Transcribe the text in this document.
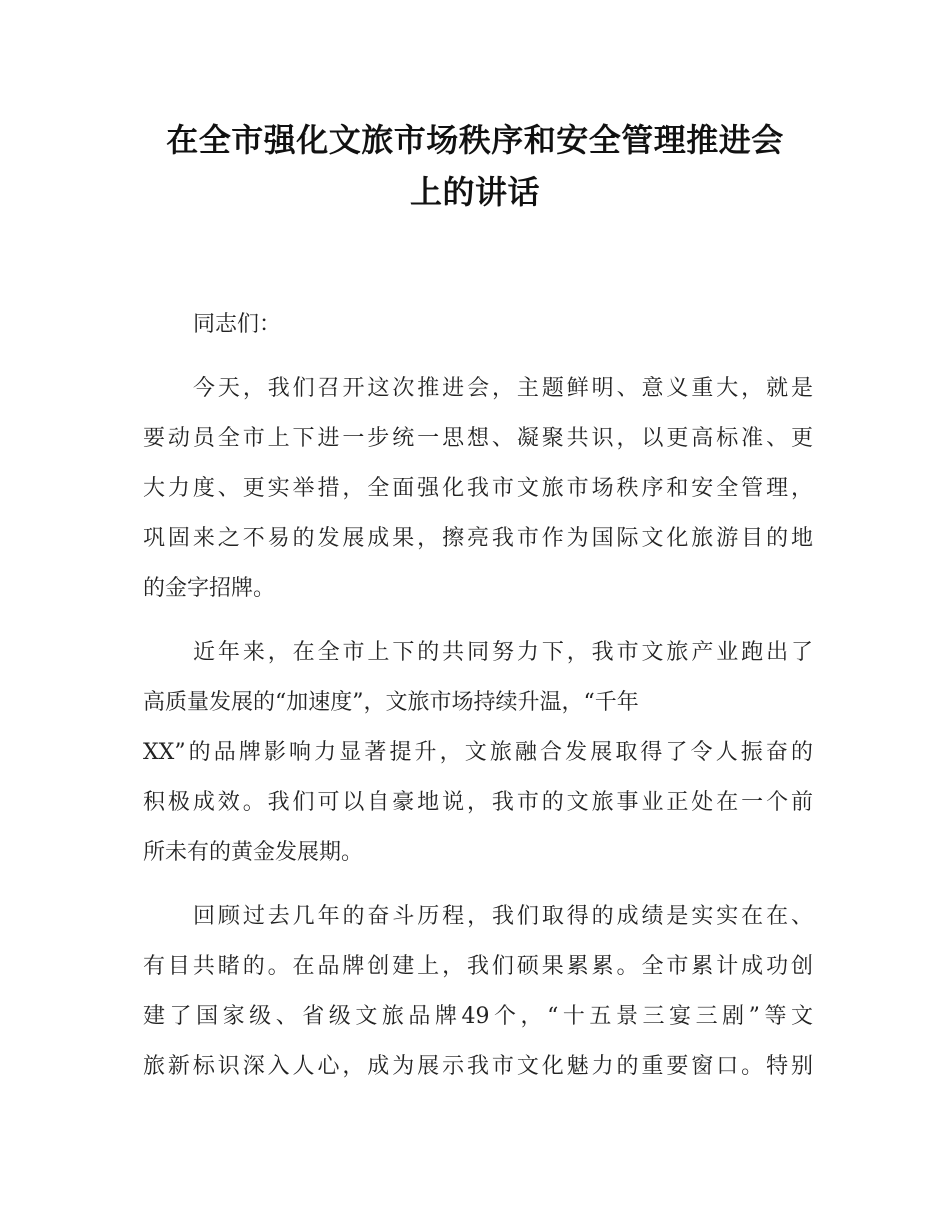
在全市强化文旅市场秩序和安全管理推进会
上的讲话

同志们：

今天，我们召开这次推进会，主题鲜明、意义重大，就是
要动员全市上下进一步统一思想、凝聚共识，以更高标准、更
大力度、更实举措，全面强化我市文旅市场秩序和安全管理，
巩固来之不易的发展成果，擦亮我市作为国际文化旅游目的地
的金字招牌。

近年来，在全市上下的共同努力下，我市文旅产业跑出了
高质量发展的“加速度”，文旅市场持续升温，“千年
XX”的品牌影响力显著提升，文旅融合发展取得了令人振奋的
积极成效。我们可以自豪地说，我市的文旅事业正处在一个前
所未有的黄金发展期。

回顾过去几年的奋斗历程，我们取得的成绩是实实在在、
有目共睹的。在品牌创建上，我们硕果累累。全市累计成功创
建了国家级、省级文旅品牌49个，“十五景三宴三剧”等文
旅新标识深入人心，成为展示我市文化魅力的重要窗口。特别
